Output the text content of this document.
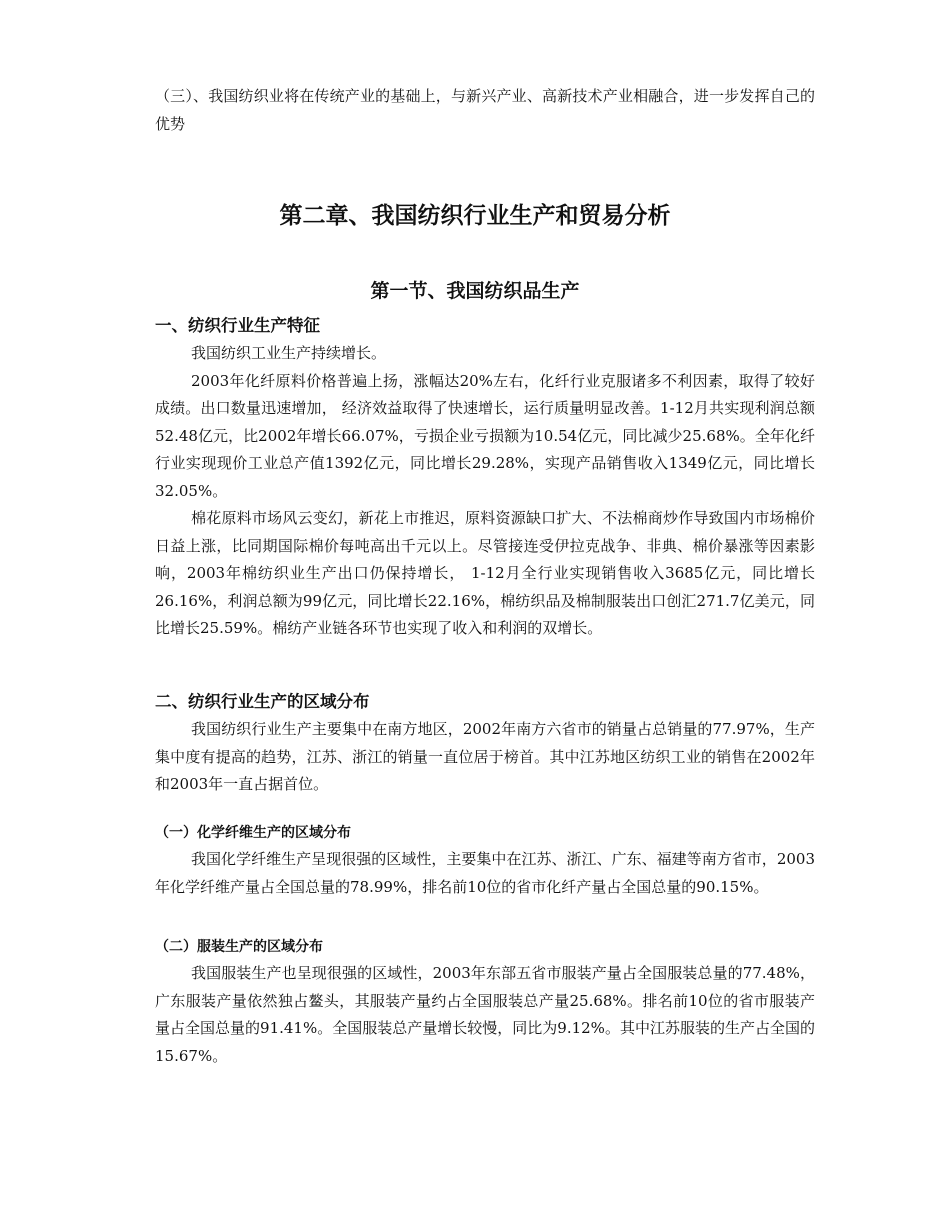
（三）、我国纺织业将在传统产业的基础上，与新兴产业、高新技术产业相融合，进一步发挥自己的优势

第二章、我国纺织行业生产和贸易分析
第一节、我国纺织品生产
一、纺织行业生产特征

我国纺织工业生产持续增长。

2003年化纤原料价格普遍上扬，涨幅达20%左右，化纤行业克服诸多不利因素，取得了较好成绩。出口数量迅速增加， 经济效益取得了快速增长，运行质量明显改善。1-12月共实现利润总额52.48亿元，比2002年增长66.07%，亏损企业亏损额为10.54亿元，同比减少25.68%。全年化纤行业实现现价工业总产值1392亿元，同比增长29.28%，实现产品销售收入1349亿元，同比增长32.05%。

棉花原料市场风云变幻，新花上市推迟，原料资源缺口扩大、不法棉商炒作导致国内市场棉价日益上涨，比同期国际棉价每吨高出千元以上。尽管接连受伊拉克战争、非典、棉价暴涨等因素影响，2003年棉纺织业生产出口仍保持增长， 1-12月全行业实现销售收入3685亿元，同比增长26.16%，利润总额为99亿元，同比增长22.16%，棉纺织品及棉制服装出口创汇271.7亿美元，同比增长25.59%。棉纺产业链各环节也实现了收入和利润的双增长。

二、纺织行业生产的区域分布

我国纺织行业生产主要集中在南方地区，2002年南方六省市的销量占总销量的77.97%，生产集中度有提高的趋势，江苏、浙江的销量一直位居于榜首。其中江苏地区纺织工业的销售在2002年和2003年一直占据首位。

（一）化学纤维生产的区域分布

我国化学纤维生产呈现很强的区域性，主要集中在江苏、浙江、广东、福建等南方省市，2003年化学纤维产量占全国总量的78.99%，排名前10位的省市化纤产量占全国总量的90.15%。

（二）服装生产的区域分布

我国服装生产也呈现很强的区域性，2003年东部五省市服装产量占全国服装总量的77.48%，广东服装产量依然独占鳌头，其服装产量约占全国服装总产量25.68%。排名前10位的省市服装产量占全国总量的91.41%。全国服装总产量增长较慢，同比为9.12%。其中江苏服装的生产占全国的15.67%。
